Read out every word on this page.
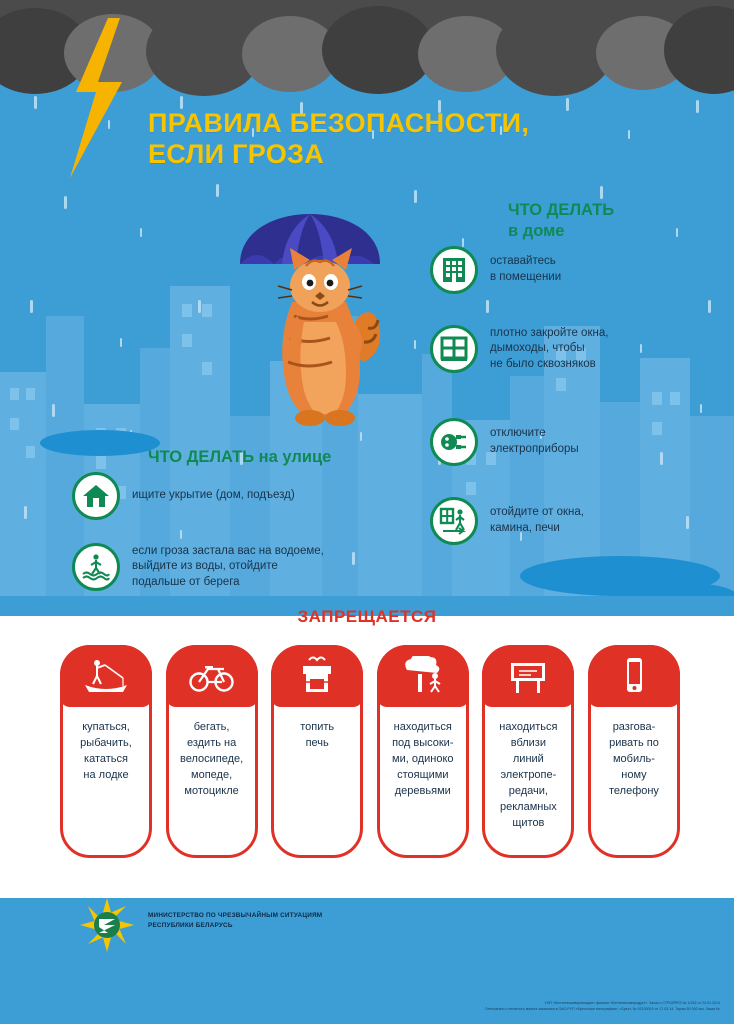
ПРАВИЛА БЕЗОПАСНОСТИ,
ЕСЛИ ГРОЗА
ЧТО ДЕЛАТЬ
в доме
оставайтесь
в помещении
плотно закройте окна,
дымоходы, чтобы
не было сквозняков
отключите
электроприборы
отойдите от окна,
камина, печи
ЧТО ДЕЛАТЬ на улице
ищите укрытие (дом, подъезд)
если гроза застала вас на водоеме,
выйдите из воды, отойдите
подальше от берега
ЗАПРЕЩАЕТСЯ
купаться,
рыбачить,
кататься
на лодке
бегать,
ездить на
велосипеде,
мопеде,
мотоцикле
топить
печь
находиться
под высоки-
ми, одиноко
стоящими
деревьями
находиться
вблизи
линий
электропе-
редачи,
рекламных
щитов
разгова-
ривать по
мобиль-
ному
телефону
МИНИСТЕРСТВО ПО ЧРЕЗВЫЧАЙНЫМ СИТУАЦИЯМ
РЕСПУБЛИКИ БЕЛАРУСЬ
УНП «Белтелекоммуникация» филиал «Белтелекомпродукт». Заказ с.СТРОЙРЕЗ № 1/152 от 24.01.2014
Отпечатано с печатного макета заказчика в ОАО РУП «Брестская типография», г.Брест, № 02130019 от 17.03.14. Тираж 50 000 экз. Заказ №
